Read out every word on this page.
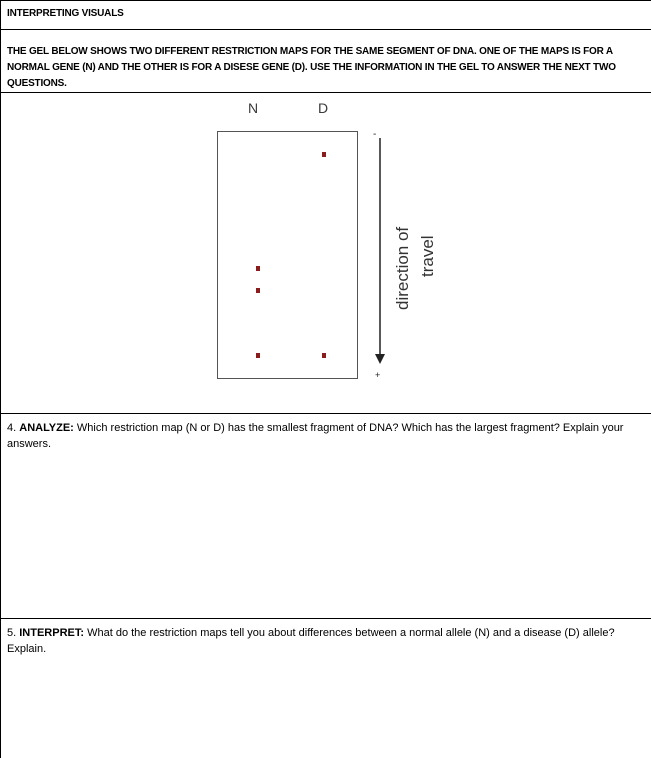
INTERPRETING VISUALS
THE GEL BELOW SHOWS TWO DIFFERENT RESTRICTION MAPS FOR THE SAME SEGMENT OF DNA. ONE OF THE MAPS IS FOR A NORMAL GENE (N) AND THE OTHER IS FOR A DISESE GENE (D). USE THE INFORMATION IN THE GEL TO ANSWER THE NEXT TWO QUESTIONS.
N	D
-
+
direction of travel
4. ANALYZE: Which restriction map (N or D) has the smallest fragment of DNA? Which has the largest fragment? Explain your answers.
5. INTERPRET: What do the restriction maps tell you about differences between a normal allele (N) and a disease (D) allele? Explain.
